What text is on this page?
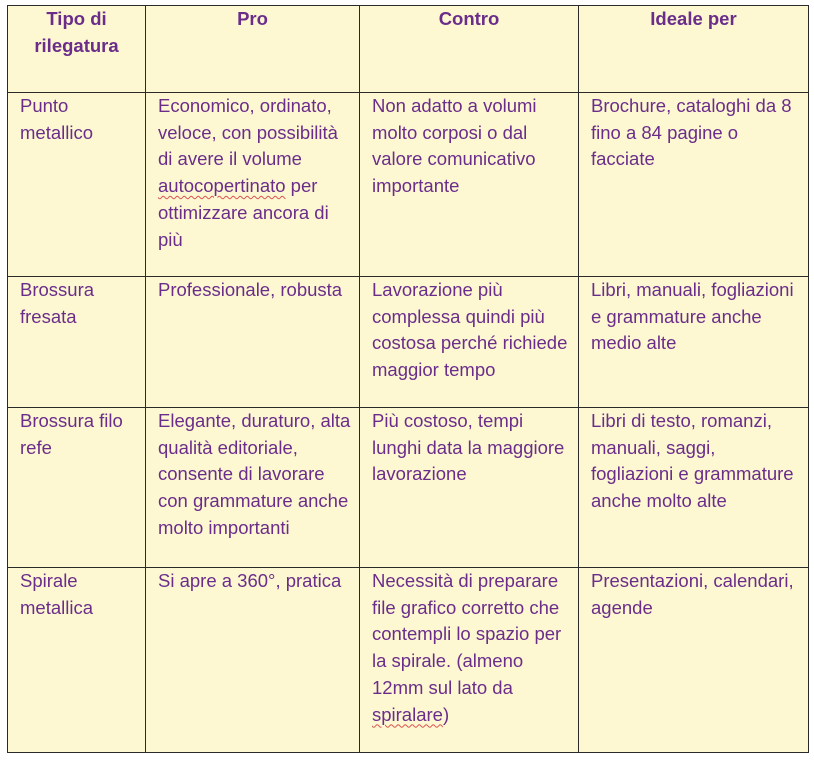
Tipo di rilegatura	Pro	Contro	Ideale per
Punto metallico	Economico, ordinato, veloce, con possibilità di avere il volume autocopertinato per ottimizzare ancora di più	Non adatto a volumi molto corposi o dal valore comunicativo importante	Brochure, cataloghi da 8 fino a 84 pagine o facciate
Brossura fresata	Professionale, robusta	Lavorazione più complessa quindi più costosa perché richiede maggior tempo	Libri, manuali, fogliazioni e grammature anche medio alte
Brossura filo refe	Elegante, duraturo, alta qualità editoriale, consente di lavorare con grammature anche molto importanti	Più costoso, tempi lunghi data la maggiore lavorazione	Libri di testo, romanzi, manuali, saggi, fogliazioni e grammature anche molto alte
Spirale metallica	Si apre a 360°, pratica	Necessità di preparare file grafico corretto che contempli lo spazio per la spirale. (almeno 12mm sul lato da spiralare)	Presentazioni, calendari, agende
